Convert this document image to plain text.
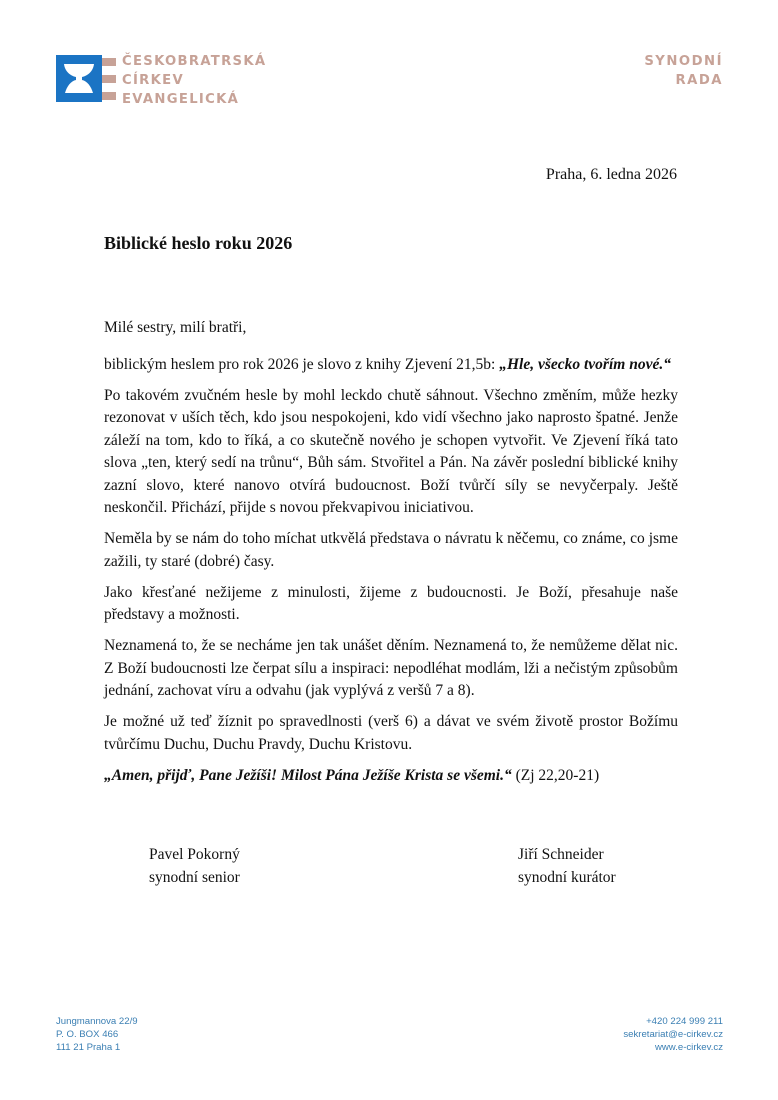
ČESKOBRATRSKÁ
CÍRKEV
EVANGELICKÁ
SYNODNÍ
RADA
Praha, 6. ledna 2026
Biblické heslo roku 2026

Milé sestry, milí bratři,

biblickým heslem pro rok 2026 je slovo z knihy Zjevení 21,5b: „Hle, všecko tvořím nové.“

Po takovém zvučném hesle by mohl leckdo chutě sáhnout. Všechno změním, může hezky rezonovat v uších těch, kdo jsou nespokojeni, kdo vidí všechno jako naprosto špatné. Jenže záleží na tom, kdo to říká, a co skutečně nového je schopen vytvořit. Ve Zjevení říká tato slova „ten, který sedí na trůnu“, Bůh sám. Stvořitel a Pán. Na závěr poslední biblické knihy zazní slovo, které nanovo otvírá budoucnost. Boží tvůrčí síly se nevyčerpaly. Ještě neskončil. Přichází, přijde s novou překvapivou iniciativou.

Neměla by se nám do toho míchat utkvělá představa o návratu k něčemu, co známe, co jsme zažili, ty staré (dobré) časy.

Jako křesťané nežijeme z minulosti, žijeme z budoucnosti. Je Boží, přesahuje naše představy a možnosti.

Neznamená to, že se necháme jen tak unášet děním. Neznamená to, že nemůžeme dělat nic. Z Boží budoucnosti lze čerpat sílu a inspiraci: nepodléhat modlám, lži a nečistým způsobům jednání, zachovat víru a odvahu (jak vyplývá z veršů 7 a 8).

Je možné už teď žíznit po spravedlnosti (verš 6) a dávat ve svém životě prostor Božímu tvůrčímu Duchu, Duchu Pravdy, Duchu Kristovu.

„Amen, přijď, Pane Ježíši! Milost Pána Ježíše Krista se všemi.“ (Zj 22,20-21)

Pavel Pokorný
synodní senior
Jiří Schneider
synodní kurátor
Jungmannova 22/9
P. O. BOX 466
111 21 Praha 1
+420 224 999 211
sekretariat@e-cirkev.cz
www.e-cirkev.cz
